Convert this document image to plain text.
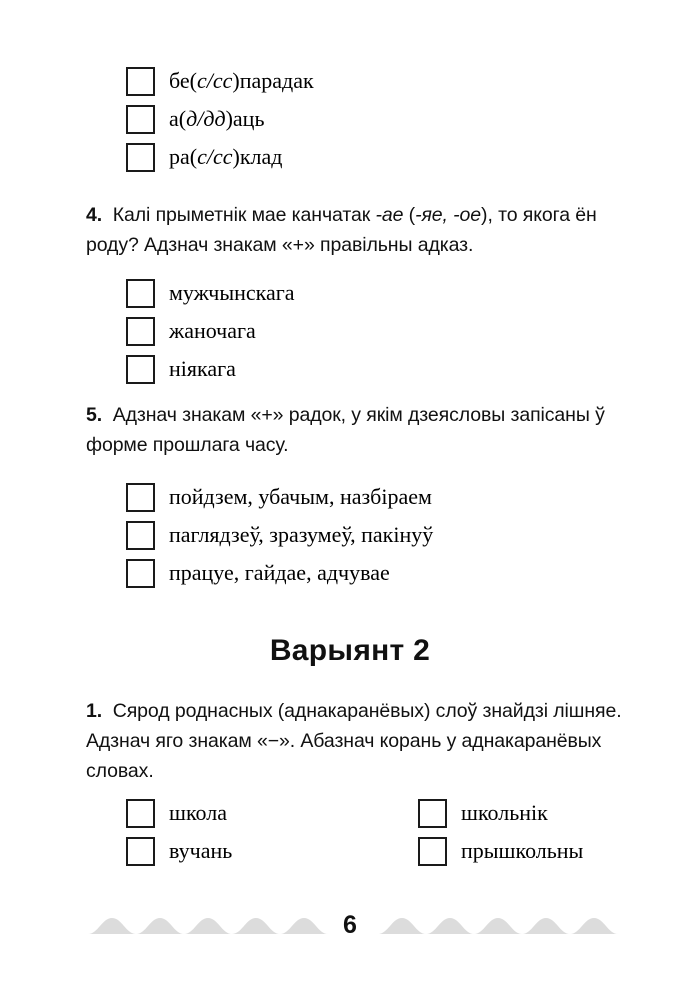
бе(с/сс)парадак
а(д/дд)аць
ра(с/сс)клад
4. Калі прыметнік мае канчатак -ае (-яе, -ое), то якога ён роду? Адзнач знакам «+» правільны адказ.
мужчынскага
жаночага
ніякага
5. Адзнач знакам «+» радок, у якім дзеясловы запісаны ў форме прошлага часу.
пойдзем, убачым, назбіраем
паглядзеў, зразумеў, пакінуў
працуе, гайдае, адчувае
Варыянт 2
1. Сярод роднасных (аднакаранёвых) слоў знайдзі лішняе. Адзнач яго знакам «−». Абазнач корань у аднакаранёвых словах.
школа
вучань
школьнік
прышкольны
6
